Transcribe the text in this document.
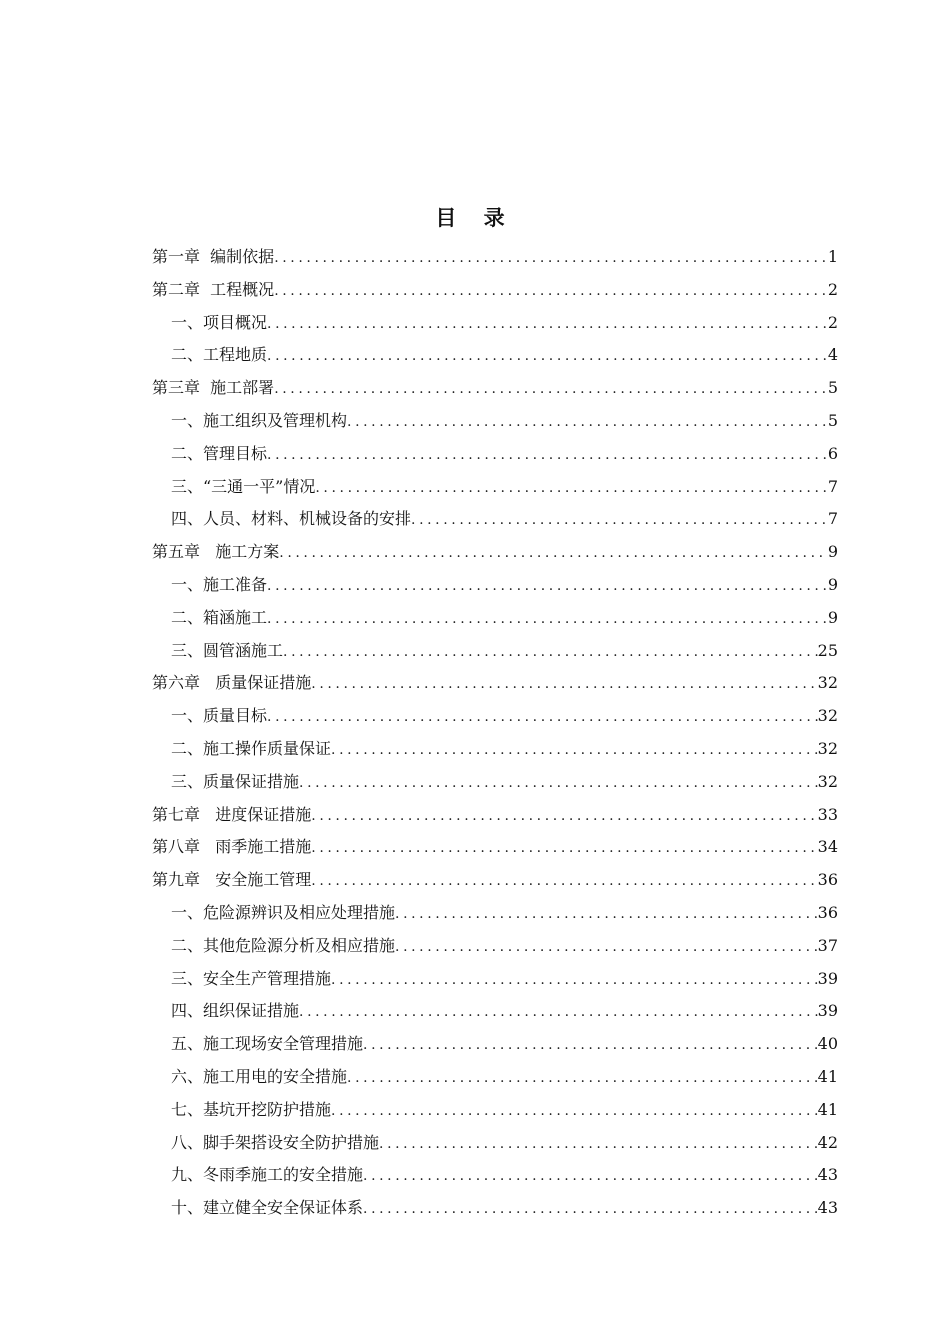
目 录
第一章  编制依据 .....	1
第二章  工程概况 .....	2
一、项目概况 .....	2
二、工程地质 .....	4
第三章  施工部署 .....	5
一、施工组织及管理机构 .....	5
二、管理目标 .....	6
三、“三通一平”情况 .....	7
四、人员、材料、机械设备的安排 .....	7
第五章   施工方案 .....	9
一、施工准备 .....	9
二、箱涵施工 .....	9
三、圆管涵施工 .....	25
第六章   质量保证措施 .....	32
一、质量目标 .....	32
二、施工操作质量保证 .....	32
三、质量保证措施 .....	32
第七章   进度保证措施 .....	33
第八章   雨季施工措施 .....	34
第九章   安全施工管理 .....	36
一、危险源辨识及相应处理措施 .....	36
二、其他危险源分析及相应措施 .....	37
三、安全生产管理措施 .....	39
四、组织保证措施 .....	39
五、施工现场安全管理措施 .....	40
六、施工用电的安全措施 .....	41
七、基坑开挖防护措施 .....	41
八、脚手架搭设安全防护措施 .....	42
九、冬雨季施工的安全措施 .....	43
十、建立健全安全保证体系 .....	43
